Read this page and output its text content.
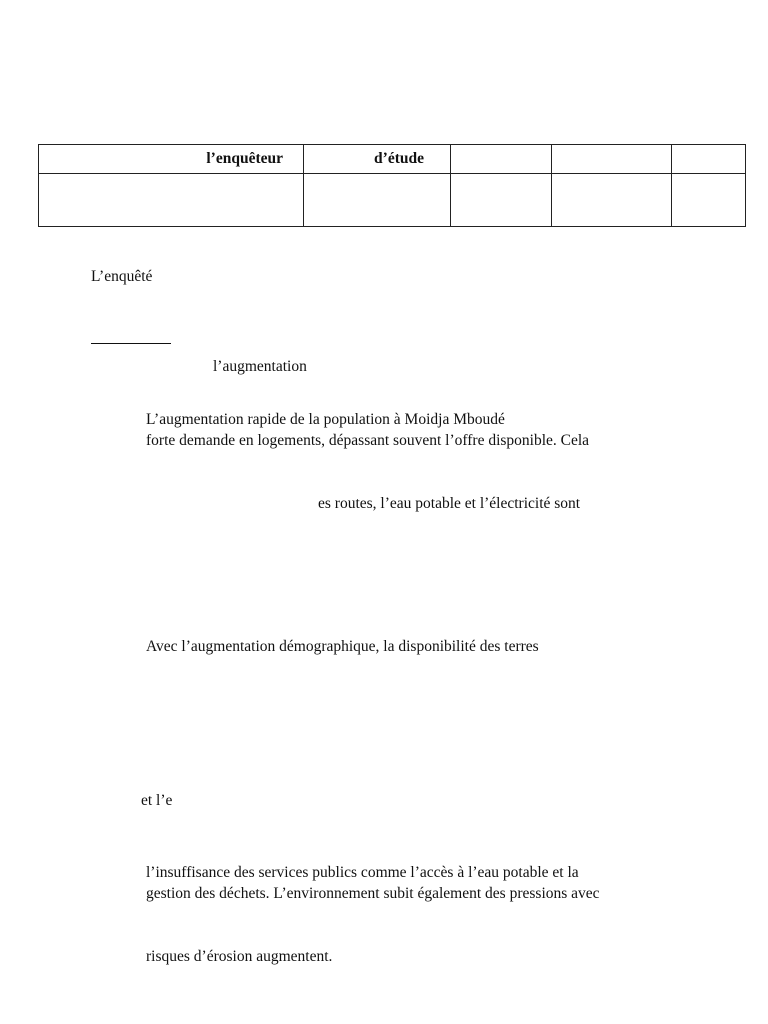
l’enquêteur	d’étude			

L’enquêté
l’augmentation
L’augmentation rapide de la population à Moidja Mboudé
forte demande en logements, dépassant souvent l’offre disponible. Cela
es routes, l’eau potable et l’électricité sont
Avec l’augmentation démographique, la disponibilité des terres
et l’e
l’insuffisance des services publics comme l’accès à l’eau potable et la
gestion des déchets. L’environnement subit également des pressions avec
risques d’érosion augmentent.
